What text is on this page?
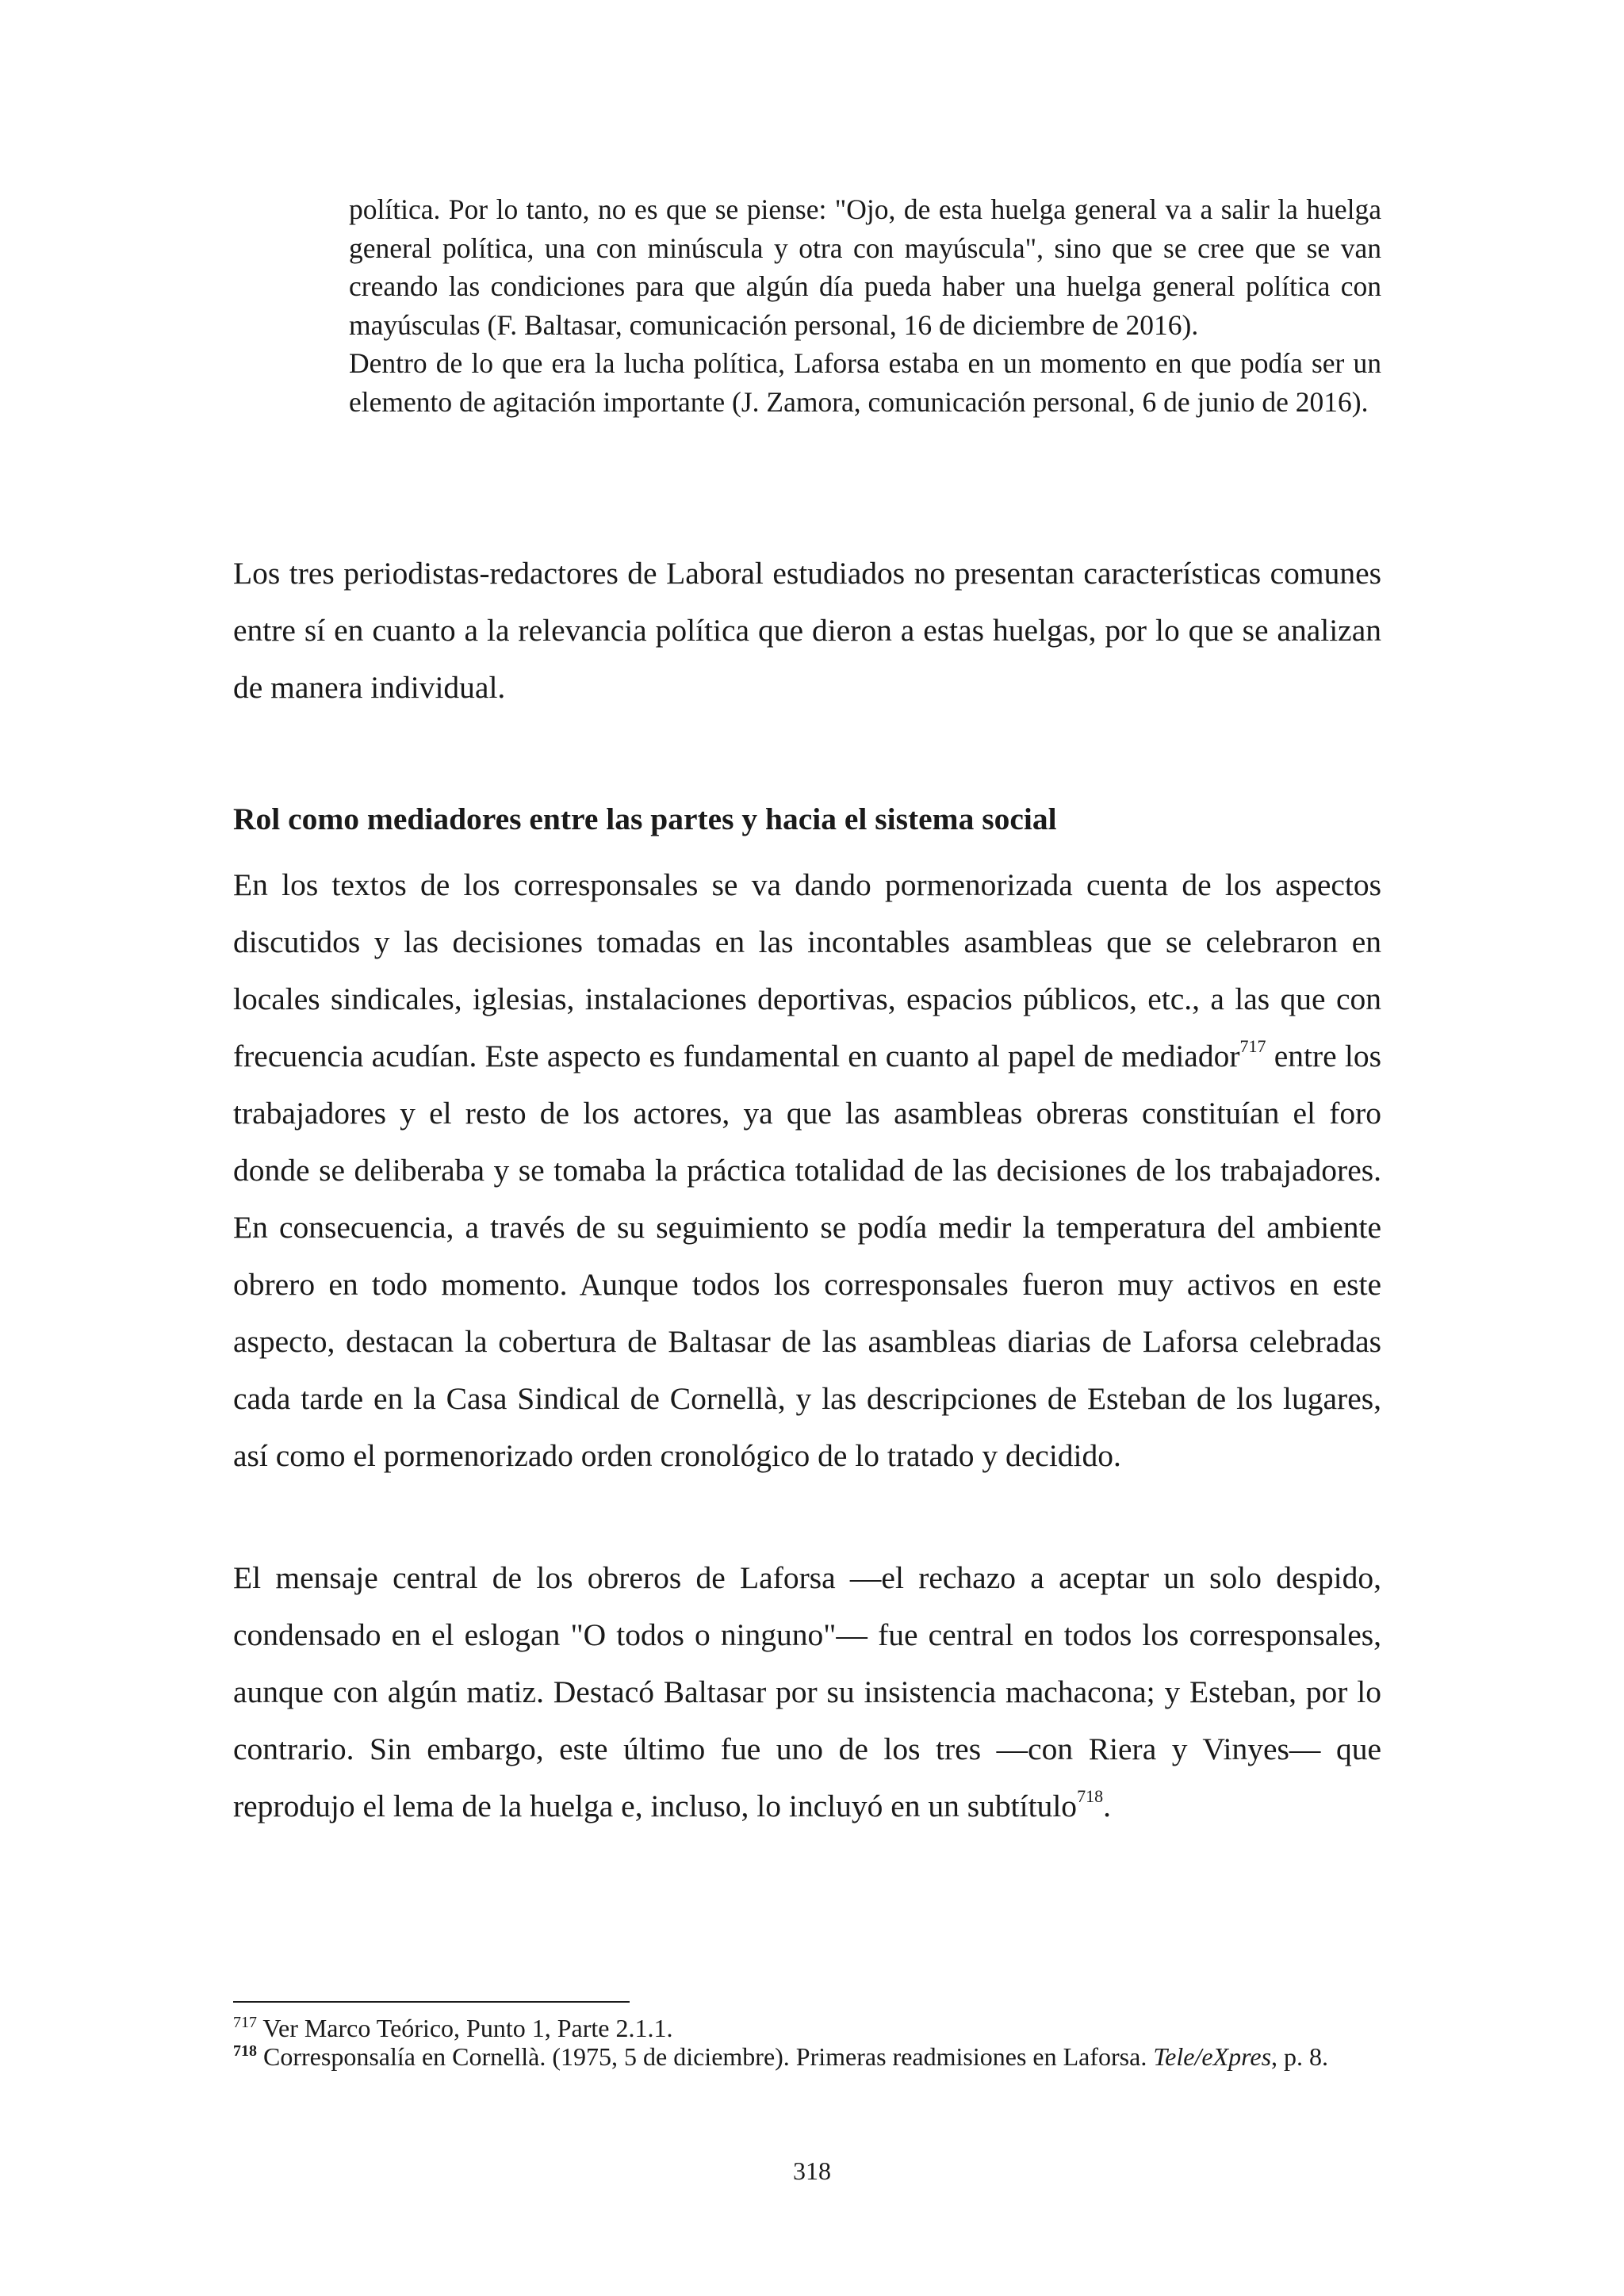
política. Por lo tanto, no es que se piense: "Ojo, de esta huelga general va a salir la huelga general política, una con minúscula y otra con mayúscula", sino que se cree que se van creando las condiciones para que algún día pueda haber una huelga general política con mayúsculas (F. Baltasar, comunicación personal, 16 de diciembre de 2016).

Dentro de lo que era la lucha política, Laforsa estaba en un momento en que podía ser un elemento de agitación importante (J. Zamora, comunicación personal, 6 de junio de 2016).

Los tres periodistas-redactores de Laboral estudiados no presentan características comunes entre sí en cuanto a la relevancia política que dieron a estas huelgas, por lo que se analizan de manera individual.

Rol como mediadores entre las partes y hacia el sistema social

En los textos de los corresponsales se va dando pormenorizada cuenta de los aspectos discutidos y las decisiones tomadas en las incontables asambleas que se celebraron en locales sindicales, iglesias, instalaciones deportivas, espacios públicos, etc., a las que con frecuencia acudían. Este aspecto es fundamental en cuanto al papel de mediador$^{717}$ entre los trabajadores y el resto de los actores, ya que las asambleas obreras constituían el foro donde se deliberaba y se tomaba la práctica totalidad de las decisiones de los trabajadores. En consecuencia, a través de su seguimiento se podía medir la temperatura del ambiente obrero en todo momento. Aunque todos los corresponsales fueron muy activos en este aspecto, destacan la cobertura de Baltasar de las asambleas diarias de Laforsa celebradas cada tarde en la Casa Sindical de Cornellà, y las descripciones de Esteban de los lugares, así como el pormenorizado orden cronológico de lo tratado y decidido.

El mensaje central de los obreros de Laforsa —el rechazo a aceptar un solo despido, condensado en el eslogan "O todos o ninguno"— fue central en todos los corresponsales, aunque con algún matiz. Destacó Baltasar por su insistencia machacona; y Esteban, por lo contrario. Sin embargo, este último fue uno de los tres —con Riera y Vinyes— que reprodujo el lema de la huelga e, incluso, lo incluyó en un subtítulo$^{718}$.

$^{717}$ Ver Marco Teórico, Punto 1, Parte 2.1.1.

$^{718}$ Corresponsalía en Cornellà. (1975, 5 de diciembre). Primeras readmisiones en Laforsa. Tele/eXpres, p. 8.

318
